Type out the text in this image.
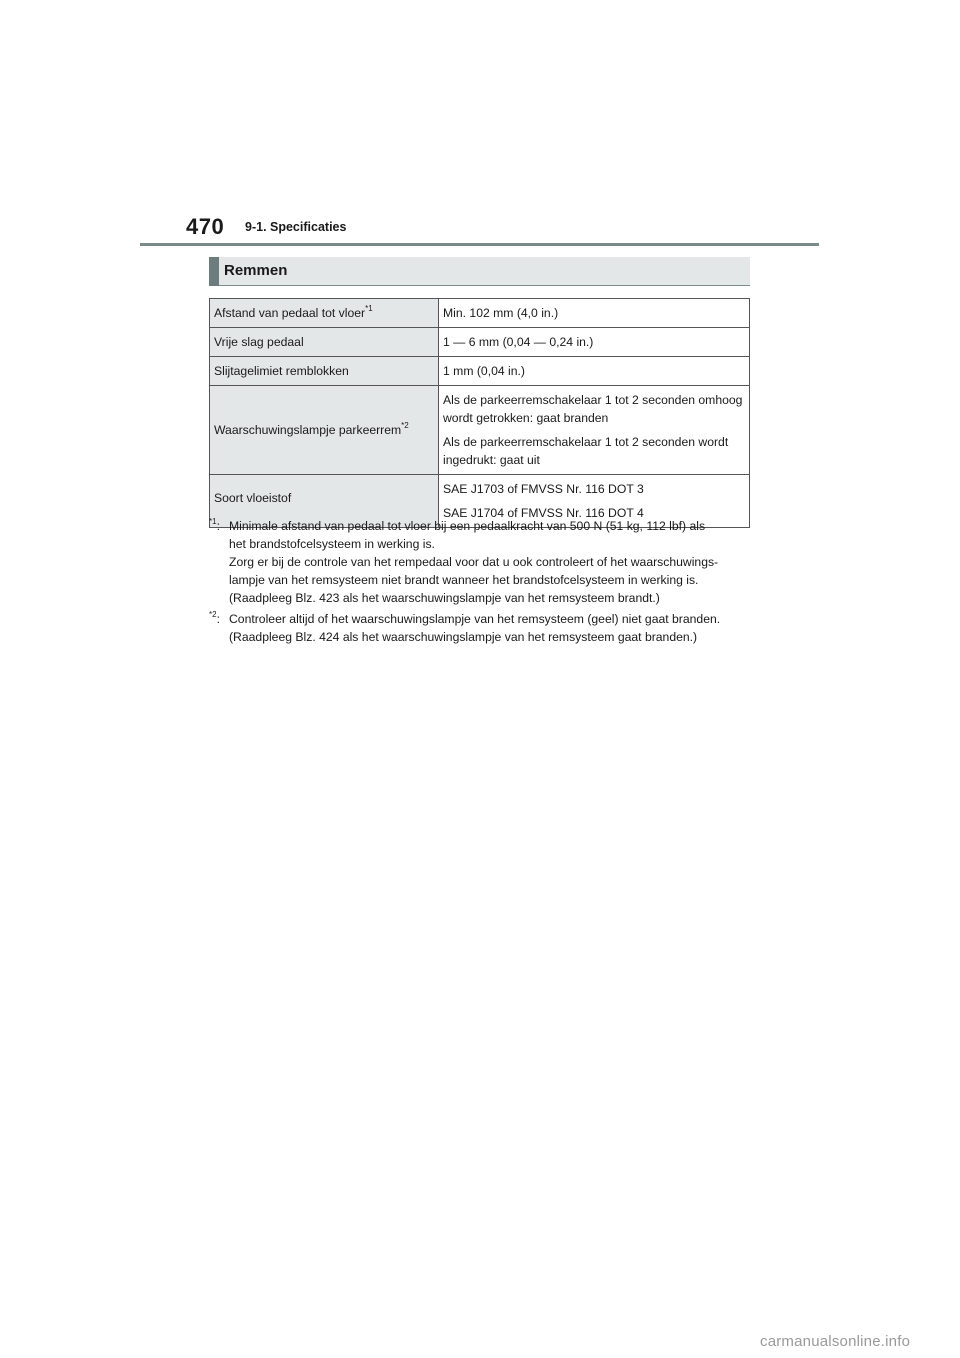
470 9-1. Specificaties
Remmen
Afstand van pedaal tot vloer$^{*1}$	Min. 102 mm (4,0 in.)

Vrije slag pedaal	1 — 6 mm (0,04 — 0,24 in.)

Slijtagelimiet remblokken	1 mm (0,04 in.)

Waarschuwingslampje parkeerrem$^{*2}$	Als de parkeerremschakelaar 1 tot 2 seconden omhoog wordt getrokken: gaat branden

Als de parkeerremschakelaar 1 tot 2 seconden wordt ingedrukt: gaat uit

Soort vloeistof	SAE J1703 of FMVSS Nr. 116 DOT 3

SAE J1704 of FMVSS Nr. 116 DOT 4

$^{*1}$: Minimale afstand van pedaal tot vloer bij een pedaalkracht van 500 N (51 kg, 112 lbf) als

het brandstofcelsysteem in werking is.

Zorg er bij de controle van het rempedaal voor dat u ook controleert of het waarschuwings-

lampje van het remsysteem niet brandt wanneer het brandstofcelsysteem in werking is.

(Raadpleeg Blz. 423 als het waarschuwingslampje van het remsysteem brandt.)

$^{*2}$: Controleer altijd of het waarschuwingslampje van het remsysteem (geel) niet gaat branden.

(Raadpleeg Blz. 424 als het waarschuwingslampje van het remsysteem gaat branden.)

carmanualsonline.info
